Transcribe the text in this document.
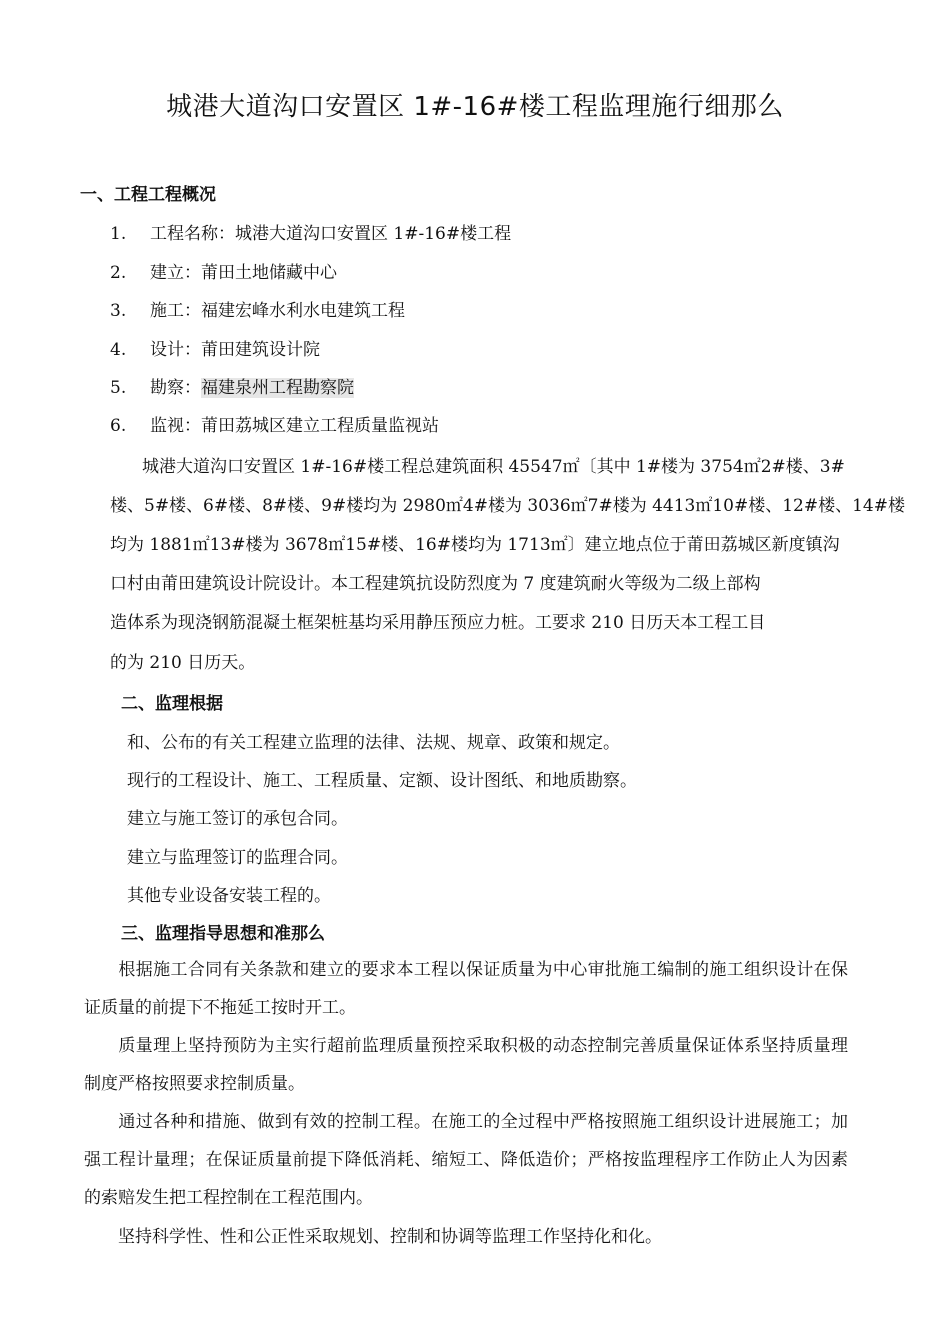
城港大道沟口安置区 1#-16#楼工程监理施行细那么
一、工程工程概况
1. 工程名称：城港大道沟口安置区 1#-16#楼工程
2. 建立：莆田土地储藏中心
3. 施工：福建宏峰水利水电建筑工程
4. 设计：莆田建筑设计院
5. 勘察：福建泉州工程勘察院
6. 监视：莆田荔城区建立工程质量监视站
城港大道沟口安置区 1#-16#楼工程总建筑面积 45547㎡〔其中 1#楼为 3754㎡2#楼、3#
楼、5#楼、6#楼、8#楼、9#楼均为 2980㎡4#楼为 3036㎡7#楼为 4413㎡10#楼、12#楼、14#楼
均为 1881㎡13#楼为 3678㎡15#楼、16#楼均为 1713㎡〕建立地点位于莆田荔城区新度镇沟
口村由莆田建筑设计院设计。本工程建筑抗设防烈度为 7 度建筑耐火等级为二级上部构
造体系为现浇钢筋混凝土框架桩基均采用静压预应力桩。工要求 210 日历天本工程工目
的为 210 日历天。
二、监理根据
和、公布的有关工程建立监理的法律、法规、规章、政策和规定。
现行的工程设计、施工、工程质量、定额、设计图纸、和地质勘察。
建立与施工签订的承包合同。
建立与监理签订的监理合同。
其他专业设备安装工程的。
三、监理指导思想和准那么
根据施工合同有关条款和建立的要求本工程以保证质量为中心审批施工编制的施工组织设计在保证质量的前提下不拖延工按时开工。
质量理上坚持预防为主实行超前监理质量预控采取积极的动态控制完善质量保证体系坚持质量理制度严格按照要求控制质量。
通过各种和措施、做到有效的控制工程。在施工的全过程中严格按照施工组织设计进展施工；加强工程计量理；在保证质量前提下降低消耗、缩短工、降低造价；严格按监理程序工作防止人为因素的索赔发生把工程控制在工程范围内。
坚持科学性、性和公正性采取规划、控制和协调等监理工作坚持化和化。
